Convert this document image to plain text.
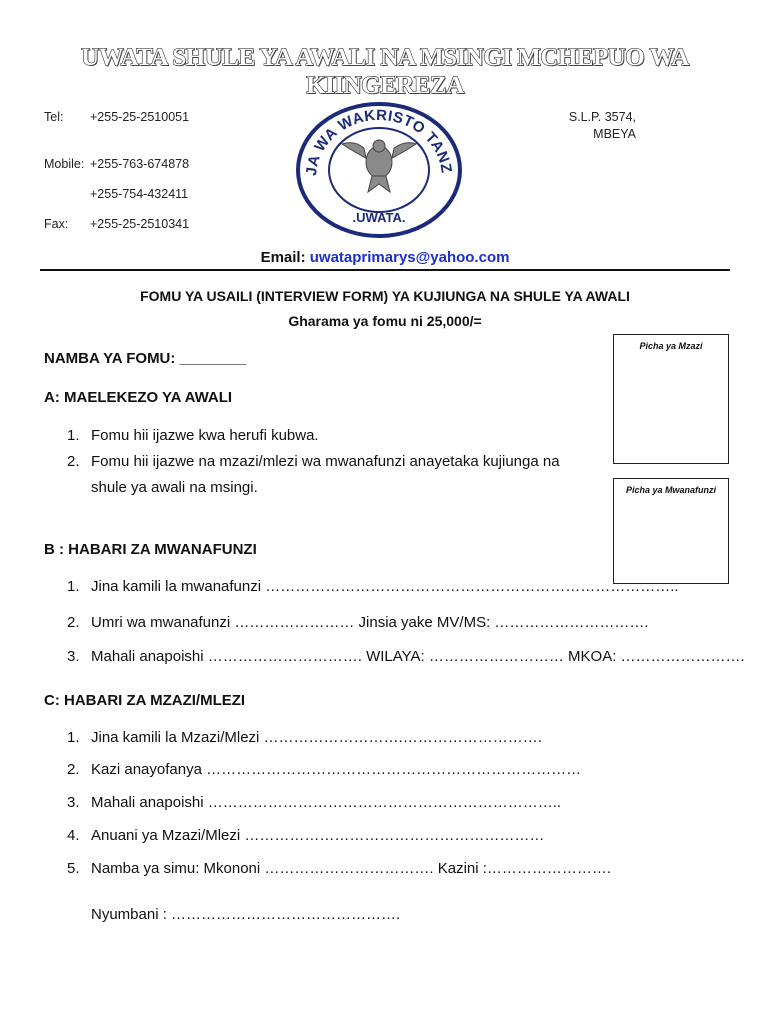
UWATA SHULE YA AWALI NA MSINGI MCHEPUO WA
KIINGEREZA
Tel: +255-25-2510051
Mobile: +255-763-674878
+255-754-432411
Fax: +255-25-2510341
S.L.P. 3574,
MBEYA
JA WA WAKRISTO TANZ
.UWATA.
Email: uwataprimarys@yahoo.com
FOMU YA USAILI (INTERVIEW FORM) YA KUJIUNGA NA SHULE YA AWALI
Gharama ya fomu ni 25,000/=
Picha ya Mzazi
Picha ya Mwanafunzi
NAMBA YA FOMU: ________
A: MAELEKEZO YA AWALI
1. Fomu hii ijazwe kwa herufi kubwa.
2. Fomu hii ijazwe na mzazi/mlezi wa mwanafunzi anayetaka kujiunga na
shule ya awali na msingi.
B : HABARI ZA MWANAFUNZI
1. Jina kamili la mwanafunzi ………………………………………………………………………..
2. Umri wa mwanafunzi …………………… Jinsia yake MV/MS: ………………………….
3. Mahali anapoishi …………………………. WILAYA: ……………………… MKOA: …………………….
C: HABARI ZA MZAZI/MLEZI
1. Jina kamili la Mzazi/Mlezi ……………………….……………………….
2. Kazi anayofanya …………………………………………………………………
3. Mahali anapoishi ……………………………………………………………..
4. Anuani ya Mzazi/Mlezi ……………………………………………………
5. Namba ya simu: Mkononi ……………………………. Kazini :…………………….
Nyumbani : ……………………………………….
